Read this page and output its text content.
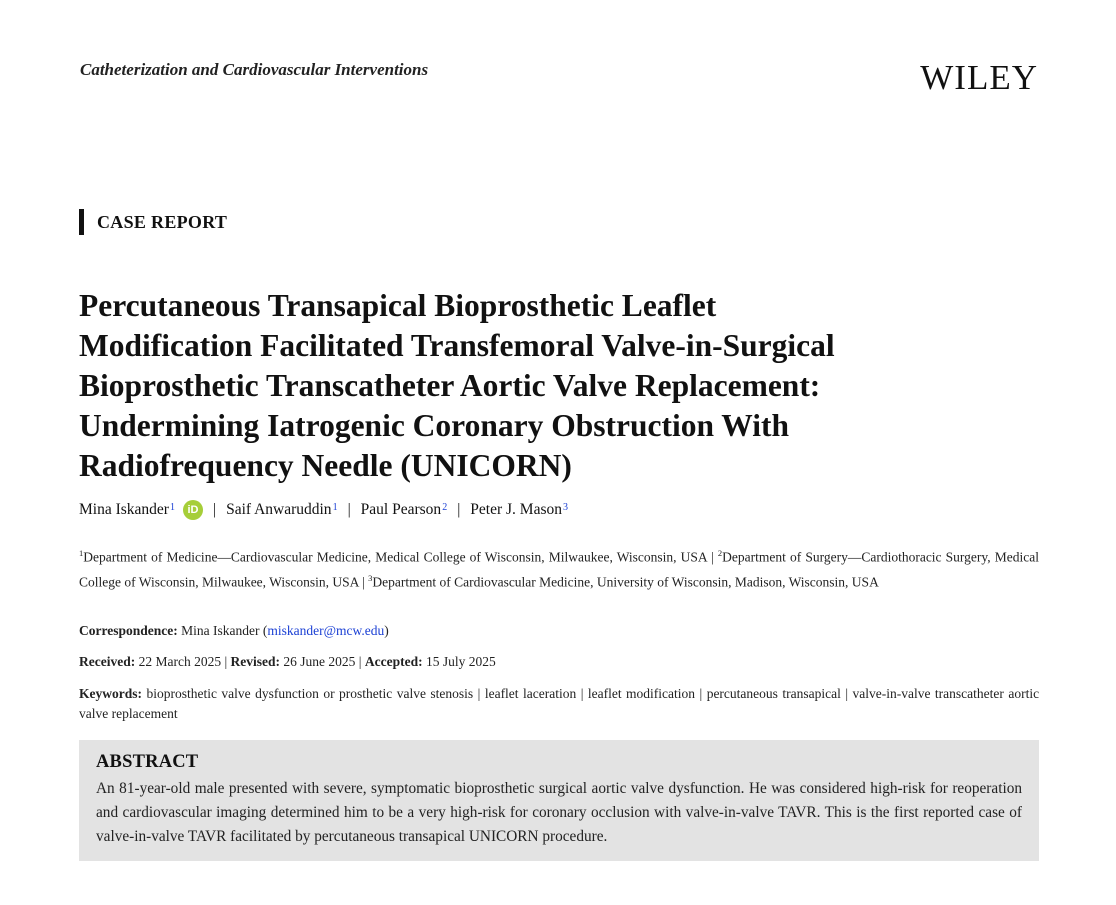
Catheterization and Cardiovascular Interventions	WILEY
CASE REPORT
Percutaneous Transapical Bioprosthetic Leaflet
Modification Facilitated Transfemoral Valve-in-Surgical
Bioprosthetic Transcatheter Aortic Valve Replacement:
Undermining Iatrogenic Coronary Obstruction With
Radiofrequency Needle (UNICORN)
Mina Iskander$^1$	iD | Saif Anwaruddin$^1$ | Paul Pearson$^2$ | Peter J. Mason$^3$
$^1$Department of Medicine—Cardiovascular Medicine, Medical College of Wisconsin, Milwaukee, Wisconsin, USA | $^2$Department of Surgery—Cardiothoracic Surgery, Medical College of Wisconsin, Milwaukee, Wisconsin, USA | $^3$Department of Cardiovascular Medicine, University of Wisconsin, Madison, Wisconsin, USA
Correspondence: Mina Iskander (miskander@mcw.edu)
Received: 22 March 2025 | Revised: 26 June 2025 | Accepted: 15 July 2025
Keywords: bioprosthetic valve dysfunction or prosthetic valve stenosis | leaflet laceration | leaflet modification | percutaneous transapical | valve-in-valve transcatheter aortic valve replacement
ABSTRACT
An 81-year-old male presented with severe, symptomatic bioprosthetic surgical aortic valve dysfunction. He was considered high-risk for reoperation and cardiovascular imaging determined him to be a very high-risk for coronary occlusion with valve-in-valve TAVR. This is the first reported case of valve-in-valve TAVR facilitated by percutaneous transapical UNICORN procedure.
